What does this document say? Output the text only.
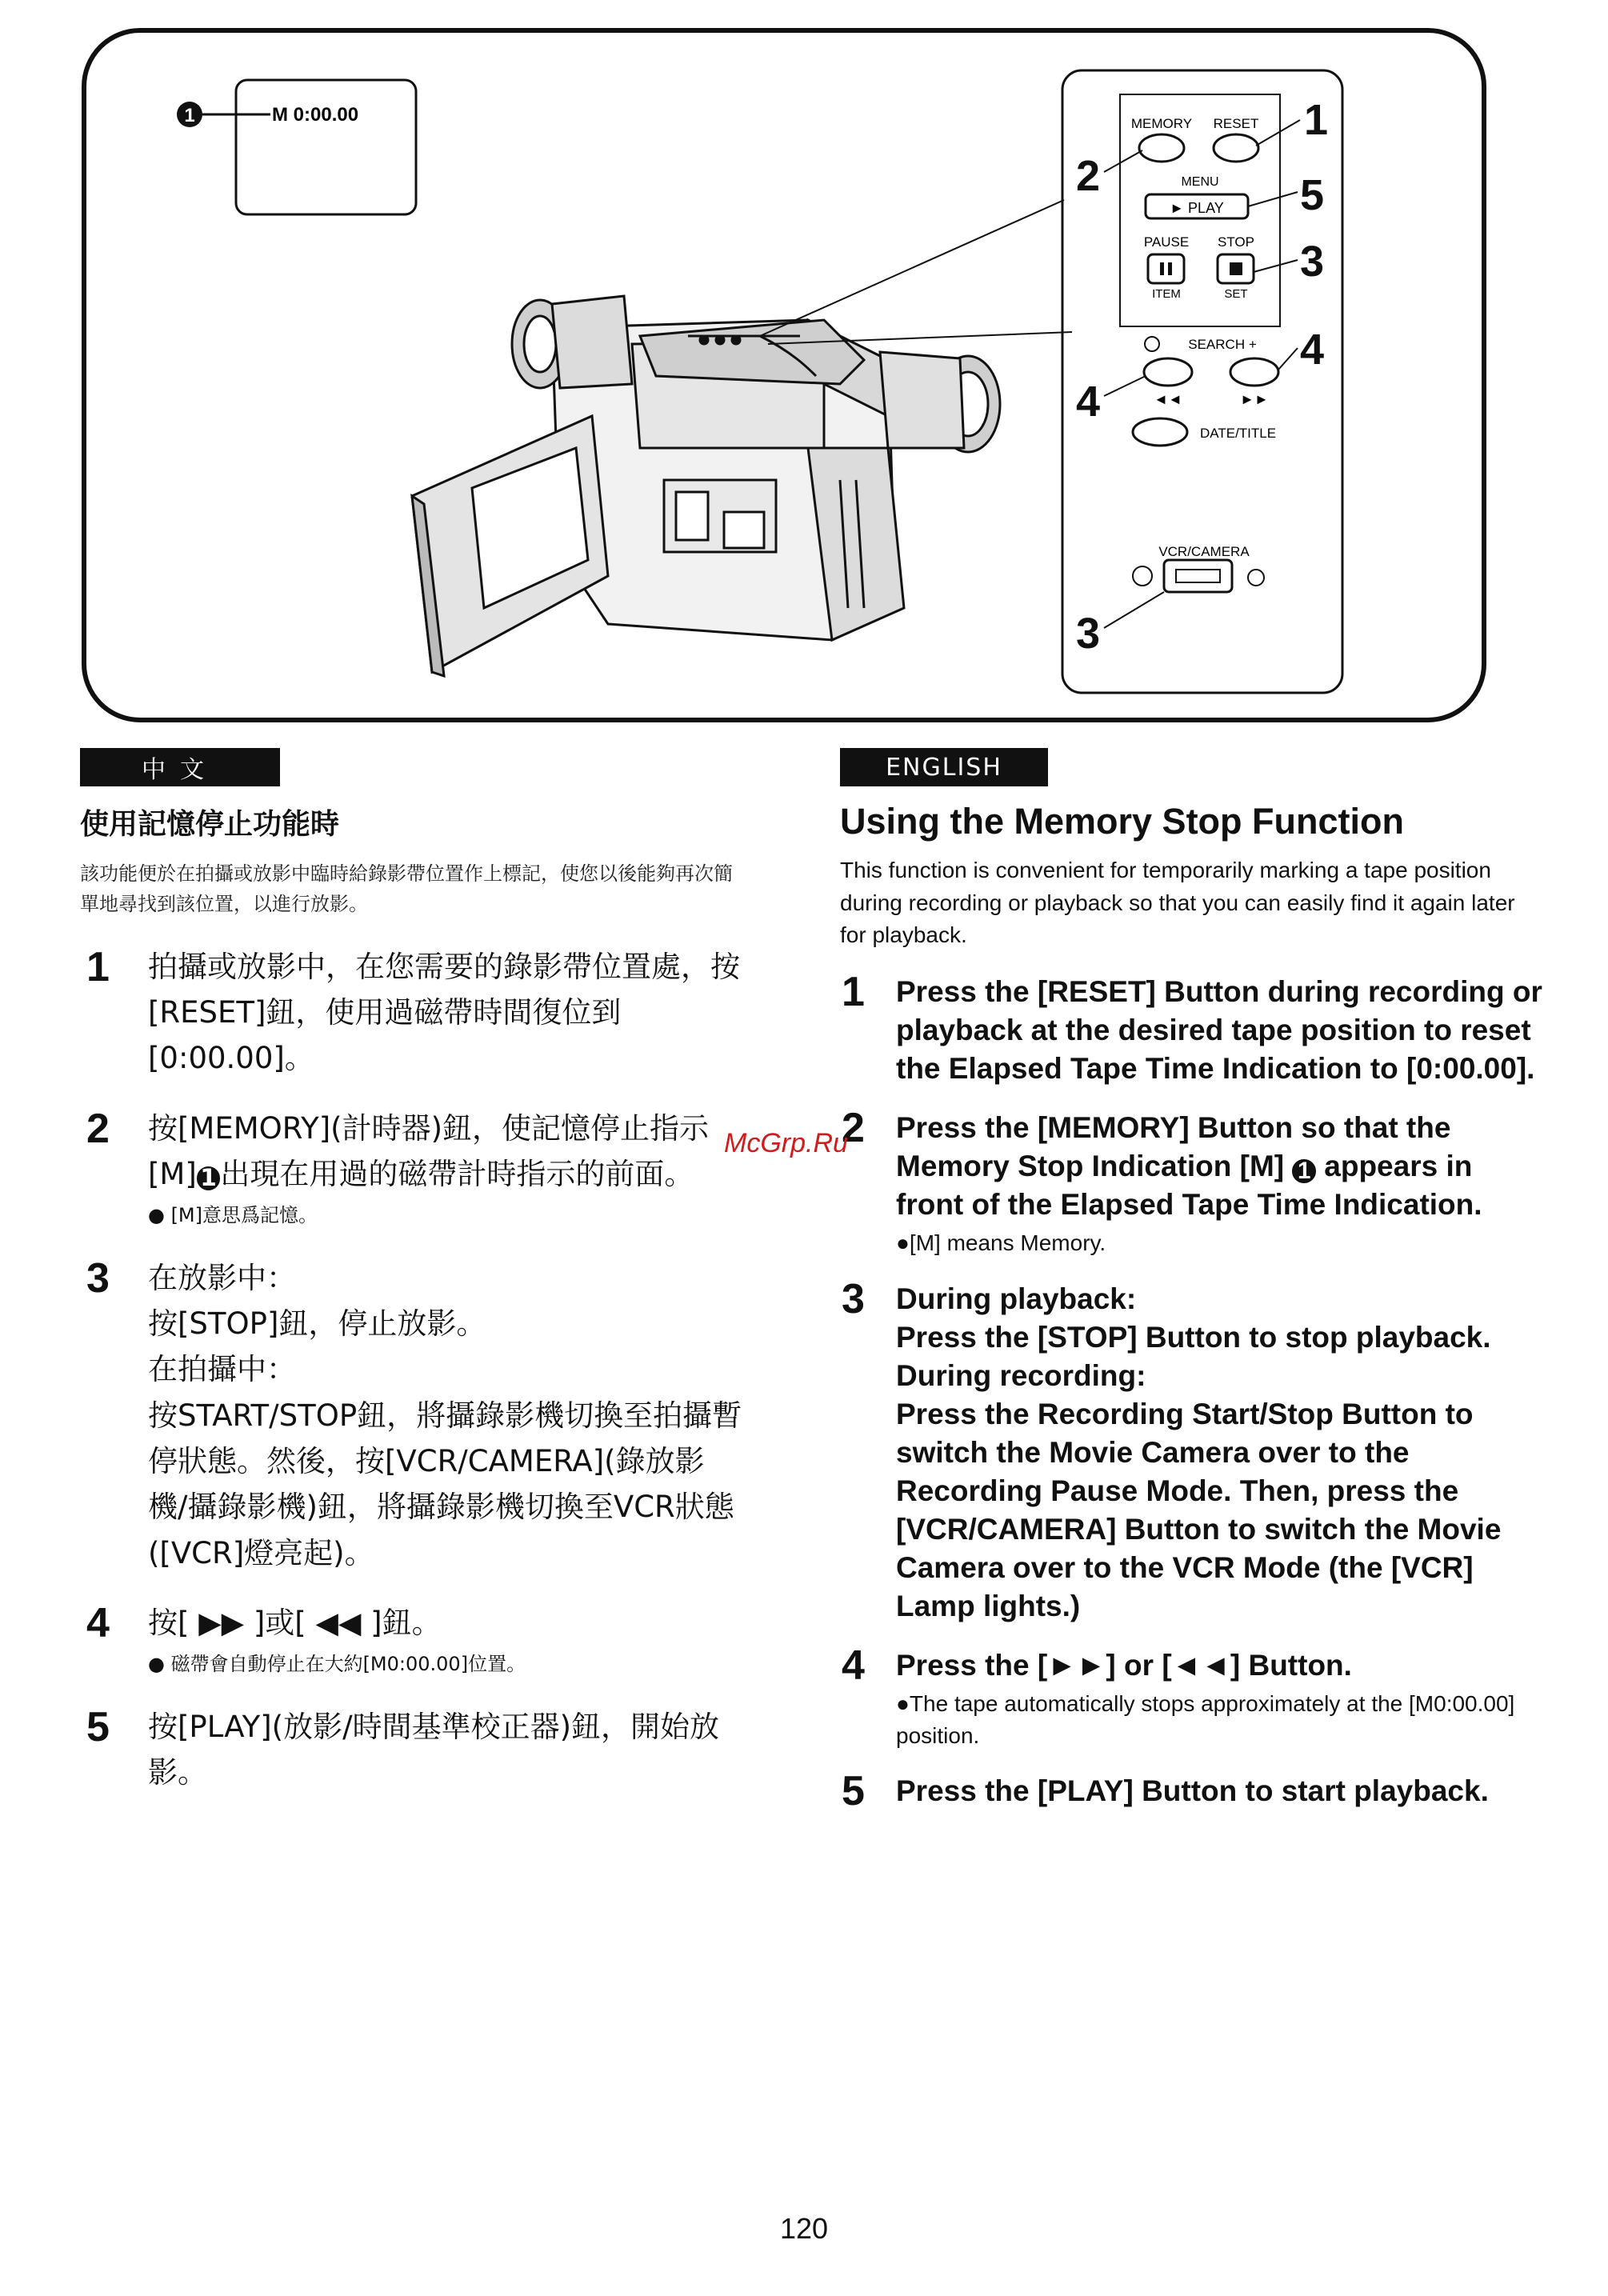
1	M 0:00.00	MEMORY RESET
MENU
► PLAY
PAUSE STOP
ITEM	SET
SEARCH +
◄◄	►►
DATE/TITLE
VCR/CAMERA
1
2	5
3
4
4
3
中文	ENGLISH
使用記憶停止功能時
該功能便於在拍攝或放影中臨時給錄影帶位置作上標記，使您以後能夠再次簡單地尋找到該位置，以進行放影。
1 拍攝或放影中，在您需要的錄影帶位置處，按[RESET]鈕，使用過磁帶時間復位到[0:00.00]。
2 按[MEMORY](計時器)鈕，使記憶停止指示[M] 1 出現在用過的磁帶計時指示的前面。
● [M]意思爲記憶。
3 在放影中：
按[STOP]鈕，停止放影。
在拍攝中：
按START/STOP鈕，將攝錄影機切換至拍攝暫停狀態。然後，按[VCR/CAMERA](錄放影機/攝錄影機)鈕，將攝錄影機切換至VCR狀態([VCR]燈亮起)。
4 按[ ▶▶ ]或[ ◀◀ ]鈕。
● 磁帶會自動停止在大約[M0:00.00]位置。
5 按[PLAY](放影/時間基準校正器)鈕，開始放影。
Using the Memory Stop Function
This function is convenient for temporarily marking a tape position during recording or playback so that you can easily find it again later for playback.
1 Press the [RESET] Button during recording or playback at the desired tape position to reset the Elapsed Tape Time Indication to [0:00.00].
2 Press the [MEMORY] Button so that the Memory Stop Indication [M] 1 appears in front of the Elapsed Tape Time Indication.
●[M] means Memory.
3 During playback:
Press the [STOP] Button to stop playback.
During recording:
Press the Recording Start/Stop Button to switch the Movie Camera over to the Recording Pause Mode. Then, press the [VCR/CAMERA] Button to switch the Movie Camera over to the VCR Mode (the [VCR] Lamp lights.)
4 Press the [►►] or [◄◄] Button.
●The tape automatically stops approximately at the [M0:00.00] position.
5 Press the [PLAY] Button to start playback.
McGrp.Ru
120
